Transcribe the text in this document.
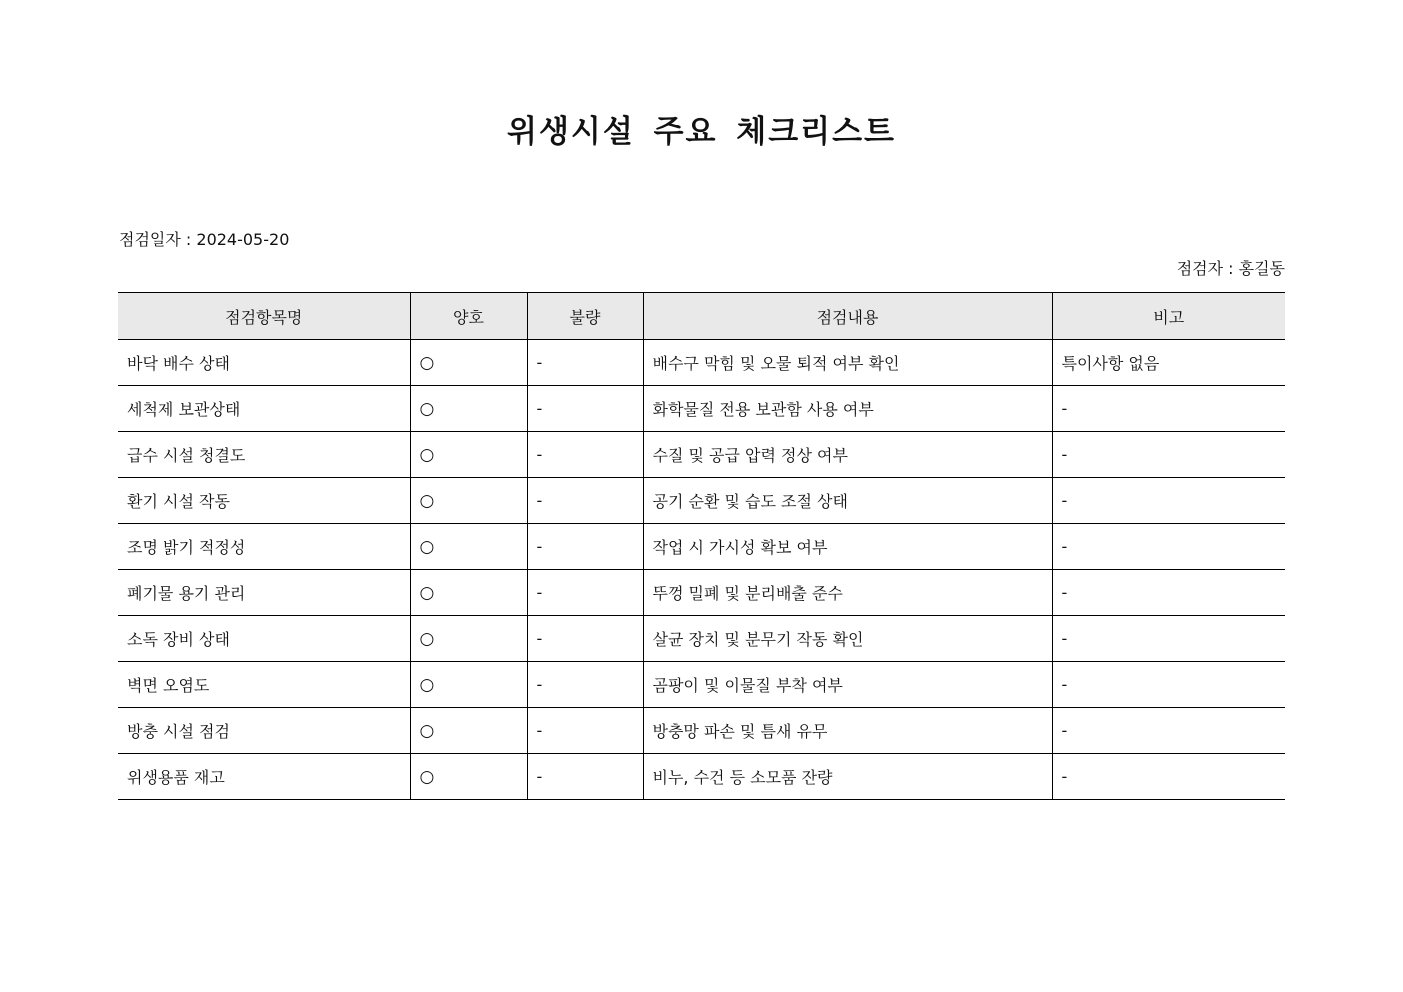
위생시설 주요 체크리스트
점검일자 : 2024-05-20
점검자 : 홍길동
점검항목명	양호	불량	점검내용	비고
바닥 배수 상태	○	-	배수구 막힘 및 오물 퇴적 여부 확인	특이사항 없음
세척제 보관상태	○	-	화학물질 전용 보관함 사용 여부	-
급수 시설 청결도	○	-	수질 및 공급 압력 정상 여부	-
환기 시설 작동	○	-	공기 순환 및 습도 조절 상태	-
조명 밝기 적정성	○	-	작업 시 가시성 확보 여부	-
폐기물 용기 관리	○	-	뚜껑 밀폐 및 분리배출 준수	-
소독 장비 상태	○	-	살균 장치 및 분무기 작동 확인	-
벽면 오염도	○	-	곰팡이 및 이물질 부착 여부	-
방충 시설 점검	○	-	방충망 파손 및 틈새 유무	-
위생용품 재고	○	-	비누, 수건 등 소모품 잔량	-
